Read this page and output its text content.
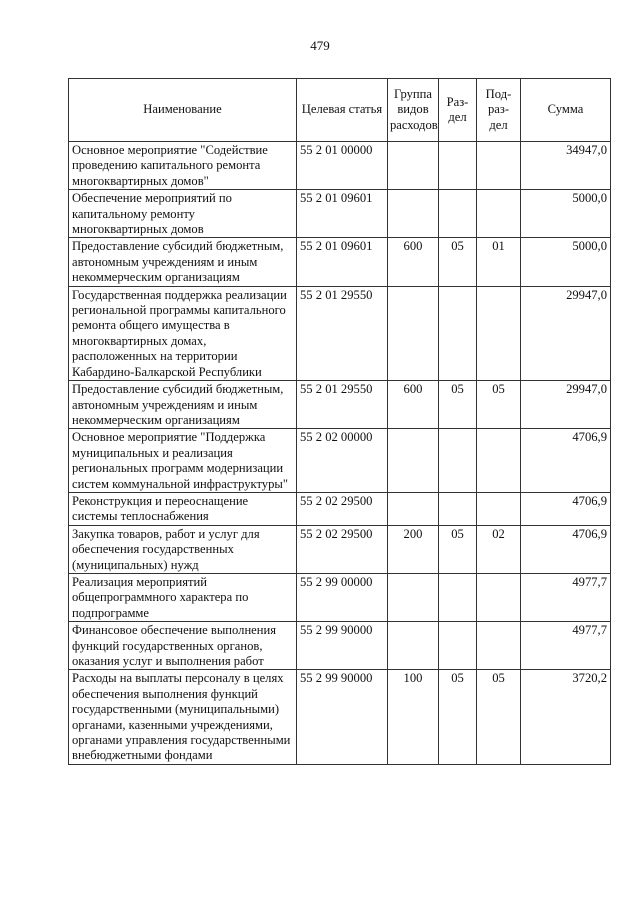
479
Наименование	Целевая статья	Группа видов расходов	Раз-дел	Под-раз-дел	Сумма
Основное мероприятие "Содействие проведению капитального ремонта многоквартирных домов"	55 2 01 00000				34947,0
Обеспечение мероприятий по капитальному ремонту многоквартирных домов	55 2 01 09601				5000,0
Предоставление субсидий бюджетным, автономным учреждениям и иным некоммерческим организациям	55 2 01 09601	600	05	01	5000,0
Государственная поддержка реализации региональной программы капитального ремонта общего имущества в многоквартирных домах, расположенных на территории Кабардино-Балкарской Республики	55 2 01 29550				29947,0
Предоставление субсидий бюджетным, автономным учреждениям и иным некоммерческим организациям	55 2 01 29550	600	05	05	29947,0
Основное мероприятие "Поддержка муниципальных и реализация региональных программ модернизации систем коммунальной инфраструктуры"	55 2 02 00000				4706,9
Реконструкция и переоснащение системы теплоснабжения	55 2 02 29500				4706,9
Закупка товаров, работ и услуг для обеспечения государственных (муниципальных) нужд	55 2 02 29500	200	05	02	4706,9
Реализация мероприятий общепрограммного характера по подпрограмме	55 2 99 00000				4977,7
Финансовое обеспечение выполнения функций государственных органов, оказания услуг и выполнения работ	55 2 99 90000				4977,7
Расходы на выплаты персоналу в целях обеспечения выполнения функций государственными (муниципальными) органами, казенными учреждениями, органами управления государственными внебюджетными фондами	55 2 99 90000	100	05	05	3720,2
